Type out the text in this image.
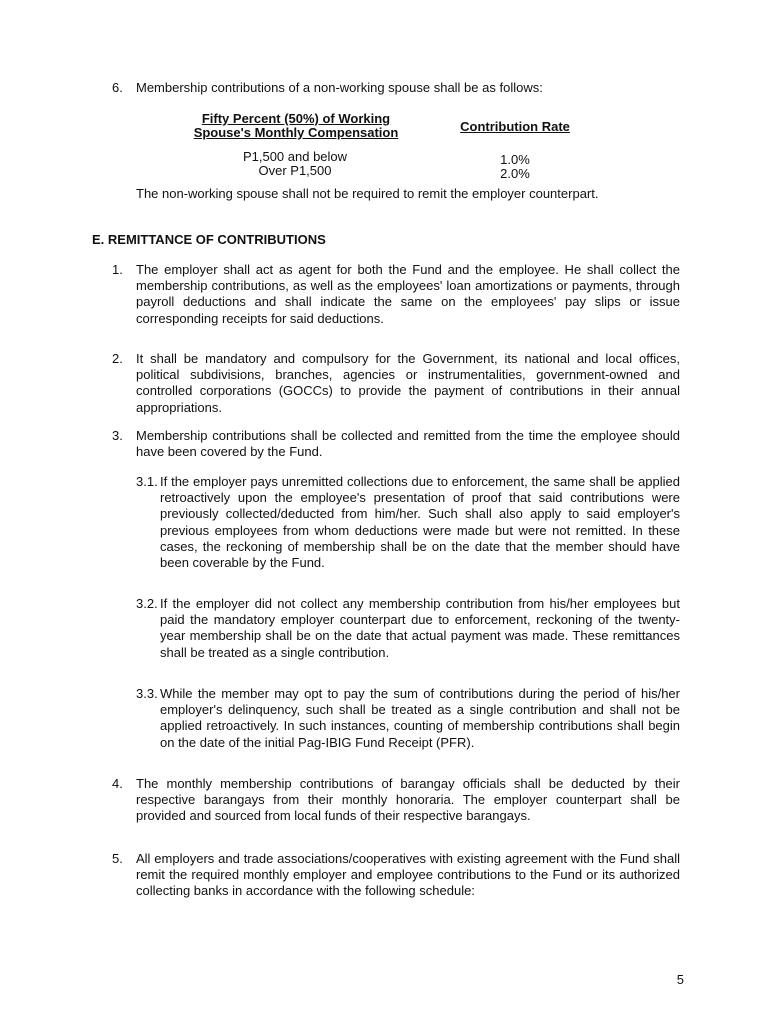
6. Membership contributions of a non-working spouse shall be as follows:
Fifty Percent (50%) of Working
Spouse's Monthly Compensation	Contribution Rate
P1,500 and below
Over P1,500
1.0%
2.0%
The non-working spouse shall not be required to remit the employer counterpart.
E. REMITTANCE OF CONTRIBUTIONS
1. The employer shall act as agent for both the Fund and the employee. He shall collect the membership contributions, as well as the employees' loan amortizations or payments, through payroll deductions and shall indicate the same on the employees' pay slips or issue corresponding receipts for said deductions.
2. It shall be mandatory and compulsory for the Government, its national and local offices, political subdivisions, branches, agencies or instrumentalities, government-owned and controlled corporations (GOCCs) to provide the payment of contributions in their annual appropriations.
3. Membership contributions shall be collected and remitted from the time the employee should have been covered by the Fund.
3.1. If the employer pays unremitted collections due to enforcement, the same shall be applied retroactively upon the employee's presentation of proof that said contributions were previously collected/deducted from him/her. Such shall also apply to said employer's previous employees from whom deductions were made but were not remitted. In these cases, the reckoning of membership shall be on the date that the member should have been coverable by the Fund.
3.2. If the employer did not collect any membership contribution from his/her employees but paid the mandatory employer counterpart due to enforcement, reckoning of the twenty-year membership shall be on the date that actual payment was made. These remittances shall be treated as a single contribution.
3.3. While the member may opt to pay the sum of contributions during the period of his/her employer's delinquency, such shall be treated as a single contribution and shall not be applied retroactively. In such instances, counting of membership contributions shall begin on the date of the initial Pag-IBIG Fund Receipt (PFR).
4. The monthly membership contributions of barangay officials shall be deducted by their respective barangays from their monthly honoraria. The employer counterpart shall be provided and sourced from local funds of their respective barangays.
5. All employers and trade associations/cooperatives with existing agreement with the Fund shall remit the required monthly employer and employee contributions to the Fund or its authorized collecting banks in accordance with the following schedule:
5
